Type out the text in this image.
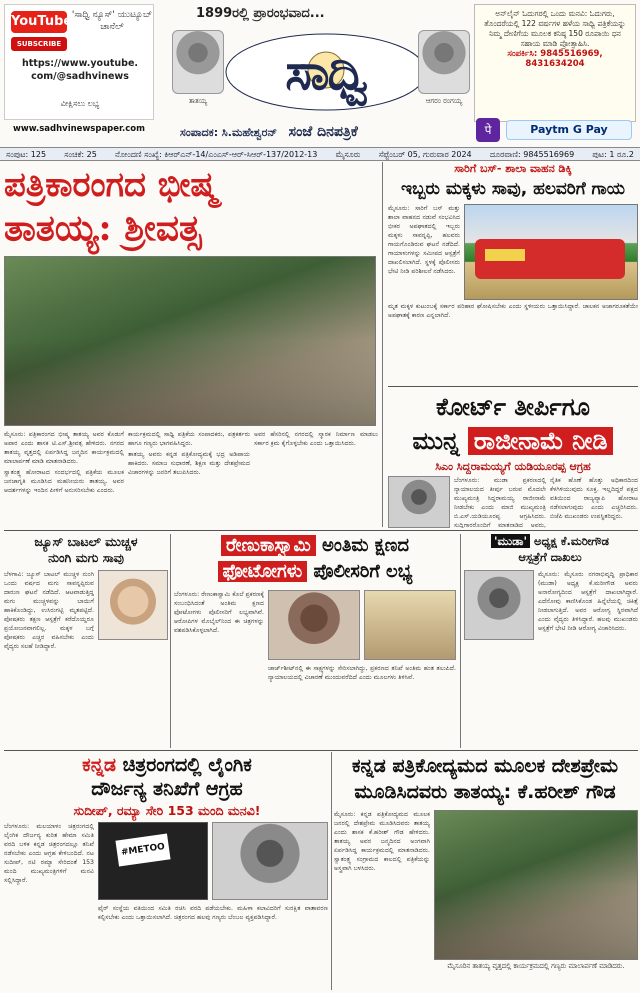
YouTube 'ಸಾಧ್ವಿ ನ್ಯೂಸ್' ಯುಟ್ಯೂಬ್ ಚಾನೆಲ್
SUBSCRIBE
https://www.youtube.
com/@sadhvinews
ವೀಕ್ಷಿಸಲು ಲಭ್ಯ
www.sadhvinewspaper.com
1899ರಲ್ಲಿ ಪ್ರಾರಂಭವಾದ...
ತಾತಯ್ಯ	ಸಾಧ್ವಿ	ಆಗರಂ ರಂಗಯ್ಯ
ಸಂಪಾದಕ: ಸಿ.ಮಹೇಶ್ವರನ್ ಸಂಜೆ ದಿನಪತ್ರಿಕೆ
ಅನ್‌ಲೈನ್ ಓದುಗರಲ್ಲಿ ಒಂದು ಮನವಿ: ಓದುಗರು, ತೊಂದರೆಯಲ್ಲಿ 122 ವರ್ಷಗಳ ಹಳೆಯ ಸಾಧ್ವಿ ಪತ್ರಿಕೆಯನ್ನು ನಿಮ್ಮ ದೇಣಿಗೆಯ ಮೂಲಕ ಕನಿಷ್ಠ 150 ರೂಪಾಯಿ ಧನ ಸಹಾಯ ಮಾಡಿ ಪ್ರೋತ್ಸಾಹಿಸಿ.
ಸಂಪರ್ಕಿಸಿ: 9845516969, 8431634204
पे	Paytm G Pay
ಸಂಪುಟ: 125 ಸಂಚಿಕೆ: 25 ನೋಂದಣಿ ಸಂಖ್ಯೆ: ಕಿಆರ್‌ಎನ್-14/ಎಂಎಸ್-ಆರ್-ಸಿಆರ್-137/2012-13 ಮೈಸೂರು ಸೆಪ್ಟೆಂಬರ್ 05, ಗುರುವಾರ 2024 ದೂರವಾಣಿ: 9845516969 ಪುಟ: 1 ರೂ.2
ಪತ್ರಿಕಾರಂಗದ ಭೀಷ್ಮ
ತಾತಯ್ಯ: ಶ್ರೀವತ್ಸ

ಮೈಸೂರು: ಪತ್ರಿಕಾರಂಗದ ಭೀಷ್ಮ ತಾತಯ್ಯ ಅವರ ಕೊಡುಗೆ ಅಪಾರ ಎಂದು ಶಾಸಕ ಟಿ.ಎಸ್.ಶ್ರೀವತ್ಸ ಹೇಳಿದರು. ನಗರದ ತಾತಯ್ಯ ವೃತ್ತದಲ್ಲಿ ಏರ್ಪಡಿಸಿದ್ದ ಜನ್ಮದಿನ ಕಾರ್ಯಕ್ರಮದಲ್ಲಿ ಮಾಲಾರ್ಪಣೆ ಮಾಡಿ ಮಾತನಾಡಿದರು.

ಸ್ವಾತಂತ್ರ್ಯ ಹೋರಾಟದ ಸಂದರ್ಭದಲ್ಲಿ ಪತ್ರಿಕೆಯ ಮೂಲಕ ಜನಜಾಗೃತಿ ಮೂಡಿಸಿದ ಮಹನೀಯರು ತಾತಯ್ಯ. ಅವರ ಆದರ್ಶಗಳನ್ನು ಇಂದಿನ ಪೀಳಿಗೆ ಅನುಸರಿಸಬೇಕು ಎಂದರು.

ಕಾರ್ಯಕ್ರಮದಲ್ಲಿ ಸಾಧ್ವಿ ಪತ್ರಿಕೆಯ ಸಂಪಾದಕರು, ಪತ್ರಕರ್ತರು ಹಾಗೂ ಗಣ್ಯರು ಭಾಗವಹಿಸಿದ್ದರು.

ತಾತಯ್ಯ ಅವರು ಕನ್ನಡ ಪತ್ರಿಕೋದ್ಯಮಕ್ಕೆ ಭದ್ರ ಅಡಿಪಾಯ ಹಾಕಿದರು. ಸಮಾಜ ಸುಧಾರಣೆ, ಶಿಕ್ಷಣ ಮತ್ತು ದೇಶಪ್ರೇಮದ ವಿಚಾರಗಳನ್ನು ಜನರಿಗೆ ತಲುಪಿಸಿದರು.

ಅವರ ಹೆಸರಿನಲ್ಲಿ ನಗರದಲ್ಲಿ ಸ್ಮಾರಕ ನಿರ್ಮಾಣ ಮಾಡಲು ಸರ್ಕಾರ ಕ್ರಮ ಕೈಗೊಳ್ಳಬೇಕು ಎಂದು ಒತ್ತಾಯಿಸಿದರು.

ಸಾರಿಗೆ ಬಸ್- ಶಾಲಾ ವಾಹನ ಡಿಕ್ಕಿ
ಇಬ್ಬರು ಮಕ್ಕಳು ಸಾವು, ಹಲವರಿಗೆ ಗಾಯ
ಮೈಸೂರು: ಸಾರಿಗೆ ಬಸ್ ಮತ್ತು ಶಾಲಾ ವಾಹನದ ನಡುವೆ ಸಂಭವಿಸಿದ ಭೀಕರ ಅಪಘಾತದಲ್ಲಿ ಇಬ್ಬರು ಮಕ್ಕಳು ಸಾವನ್ನಪ್ಪಿ, ಹಲವರು ಗಾಯಗೊಂಡಿರುವ ಘಟನೆ ನಡೆದಿದೆ. ಗಾಯಾಳುಗಳನ್ನು ಸಮೀಪದ ಆಸ್ಪತ್ರೆಗೆ ದಾಖಲಿಸಲಾಗಿದೆ. ಸ್ಥಳಕ್ಕೆ ಪೊಲೀಸರು ಭೇಟಿ ನೀಡಿ ಪರಿಶೀಲನೆ ನಡೆಸಿದರು.
ಮೃತ ಮಕ್ಕಳ ಕುಟುಂಬಕ್ಕೆ ಸರ್ಕಾರ ಪರಿಹಾರ ಘೋಷಿಸಬೇಕು ಎಂದು ಸ್ಥಳೀಯರು ಒತ್ತಾಯಿಸಿದ್ದಾರೆ. ಚಾಲಕನ ಅಜಾಗರೂಕತೆಯೇ ಅಪಘಾತಕ್ಕೆ ಕಾರಣ ಎನ್ನಲಾಗಿದೆ.
ಕೋರ್ಟ್ ತೀರ್ಪಿಗೂ
ಮುನ್ನ ರಾಜೀನಾಮೆ ನೀಡಿ
ಸಿಎಂ ಸಿದ್ದರಾಮಯ್ಯಗೆ ಯಡಿಯೂರಪ್ಪ ಆಗ್ರಹ
ಬೆಂಗಳೂರು: ಮುಡಾ ಪ್ರಕರಣದಲ್ಲಿ ನ್ಯಾಯಾಲಯದ ತೀರ್ಪು ಬರುವ ಮೊದಲೇ ಮುಖ್ಯಮಂತ್ರಿ ಸಿದ್ದರಾಮಯ್ಯ ರಾಜೀನಾಮೆ ನೀಡಬೇಕು ಎಂದು ಮಾಜಿ ಮುಖ್ಯಮಂತ್ರಿ ಬಿ.ಎಸ್.ಯಡಿಯೂರಪ್ಪ ಆಗ್ರಹಿಸಿದರು. ಸುದ್ದಿಗಾರರೊಂದಿಗೆ ಮಾತನಾಡಿದ ಅವರು,
ನೈತಿಕ ಹೊಣೆ ಹೊತ್ತು ಅಧಿಕಾರದಿಂದ ಕೆಳಗಿಳಿಯುವುದು ಸೂಕ್ತ. ಇಲ್ಲದಿದ್ದರೆ ಪಕ್ಷದ ವತಿಯಿಂದ ರಾಜ್ಯವ್ಯಾಪಿ ಹೋರಾಟ ನಡೆಸಲಾಗುವುದು ಎಂದು ಎಚ್ಚರಿಸಿದರು. ಬಿಜೆಪಿ ಮುಖಂಡರು ಉಪಸ್ಥಿತರಿದ್ದರು.
ಜ್ಯೂಸ್ ಬಾಟಲ್ ಮುಚ್ಚಳ
ನುಂಗಿ ಮಗು ಸಾವು
ಬೆಳಗಾವಿ: ಜ್ಯೂಸ್ ಬಾಟಲ್ ಮುಚ್ಚಳ ನುಂಗಿ ಒಂದು ವರ್ಷದ ಮಗು ಸಾವನ್ನಪ್ಪಿರುವ ದಾರುಣ ಘಟನೆ ನಡೆದಿದೆ. ಆಟವಾಡುತ್ತಿದ್ದ ಮಗು ಮುಚ್ಚಳವನ್ನು ಬಾಯಿಗೆ ಹಾಕಿಕೊಂಡಿದ್ದು, ಉಸಿರುಗಟ್ಟಿ ಮೃತಪಟ್ಟಿದೆ. ಪೋಷಕರು ತಕ್ಷಣ ಆಸ್ಪತ್ರೆಗೆ ಕರೆದೊಯ್ದರೂ ಪ್ರಯೋಜನವಾಗಲಿಲ್ಲ. ಮಕ್ಕಳ ಬಗ್ಗೆ ಪೋಷಕರು ಎಚ್ಚರ ವಹಿಸಬೇಕು ಎಂದು ವೈದ್ಯರು ಸಲಹೆ ನೀಡಿದ್ದಾರೆ.
ರೇಣುಕಾಸ್ವಾಮಿ ಅಂತಿಮ ಕ್ಷಣದ
ಫೋಟೋಗಳು ಪೊಲೀಸರಿಗೆ ಲಭ್ಯ
ಬೆಂಗಳೂರು: ರೇಣುಕಾಸ್ವಾಮಿ ಕೊಲೆ ಪ್ರಕರಣಕ್ಕೆ ಸಂಬಂಧಿಸಿದಂತೆ ಅಂತಿಮ ಕ್ಷಣದ ಫೋಟೋಗಳು ಪೊಲೀಸರಿಗೆ ಲಭ್ಯವಾಗಿವೆ. ಆರೋಪಿಗಳ ಮೊಬೈಲ್‌ನಿಂದ ಈ ಚಿತ್ರಗಳನ್ನು ವಶಪಡಿಸಿಕೊಳ್ಳಲಾಗಿದೆ.
ಚಾರ್ಜ್‌ಶೀಟ್‌ನಲ್ಲಿ ಈ ಸಾಕ್ಷ್ಯಗಳನ್ನು ಸೇರಿಸಲಾಗಿದ್ದು, ಪ್ರಕರಣದ ತನಿಖೆ ಅಂತಿಮ ಹಂತ ತಲುಪಿದೆ. ನ್ಯಾಯಾಲಯದಲ್ಲಿ ವಿಚಾರಣೆ ಮುಂದುವರೆದಿದೆ ಎಂದು ಮೂಲಗಳು ತಿಳಿಸಿವೆ.
'ಮುಡಾ' ಅಧ್ಯಕ್ಷ ಕೆ.ಮರೀಗೌಡ
ಆಸ್ಪತ್ರೆಗೆ ದಾಖಲು
ಮೈಸೂರು: ಮೈಸೂರು ನಗರಾಭಿವೃದ್ಧಿ ಪ್ರಾಧಿಕಾರ (ಮುಡಾ) ಅಧ್ಯಕ್ಷ ಕೆ.ಮರೀಗೌಡ ಅವರು ಅನಾರೋಗ್ಯದಿಂದ ಆಸ್ಪತ್ರೆಗೆ ದಾಖಲಾಗಿದ್ದಾರೆ. ಎದೆನೋವು ಕಾಣಿಸಿಕೊಂಡ ಹಿನ್ನೆಲೆಯಲ್ಲಿ ಚಿಕಿತ್ಸೆ ನೀಡಲಾಗುತ್ತಿದೆ. ಅವರ ಆರೋಗ್ಯ ಸ್ಥಿರವಾಗಿದೆ ಎಂದು ವೈದ್ಯರು ತಿಳಿಸಿದ್ದಾರೆ. ಹಲವು ಮುಖಂಡರು ಆಸ್ಪತ್ರೆಗೆ ಭೇಟಿ ನೀಡಿ ಆರೋಗ್ಯ ವಿಚಾರಿಸಿದರು.
ಕನ್ನಡ ಚಿತ್ರರಂಗದಲ್ಲಿ ಲೈಂಗಿಕ
ದೌರ್ಜನ್ಯ ತನಿಖೆಗೆ ಆಗ್ರಹ
ಸುದೀಪ್, ರಮ್ಯಾ ಸೇರಿ 153 ಮಂದಿ ಮನವಿ!
ಬೆಂಗಳೂರು: ಮಲಯಾಳಂ ಚಿತ್ರರಂಗದಲ್ಲಿ ಲೈಂಗಿಕ ದೌರ್ಜನ್ಯ ಕುರಿತ ಹೇಮಾ ಸಮಿತಿ ವರದಿ ಬಳಿಕ ಕನ್ನಡ ಚಿತ್ರರಂಗದಲ್ಲೂ ತನಿಖೆ ನಡೆಸಬೇಕು ಎಂದು ಆಗ್ರಹ ಕೇಳಿಬಂದಿದೆ. ನಟ ಸುದೀಪ್, ನಟಿ ರಮ್ಯಾ ಸೇರಿದಂತೆ 153 ಮಂದಿ ಮುಖ್ಯಮಂತ್ರಿಗಳಿಗೆ ಮನವಿ ಸಲ್ಲಿಸಿದ್ದಾರೆ.
#METOO
ಫೈರ್ ಸಂಸ್ಥೆಯ ವತಿಯಿಂದ ಸಮಿತಿ ರಚಿಸಿ ವರದಿ ಪಡೆಯಬೇಕು. ಮಹಿಳಾ ಕಲಾವಿದರಿಗೆ ಸುರಕ್ಷಿತ ವಾತಾವರಣ ಕಲ್ಪಿಸಬೇಕು ಎಂದು ಒತ್ತಾಯಿಸಲಾಗಿದೆ. ಚಿತ್ರರಂಗದ ಹಲವು ಗಣ್ಯರು ಬೆಂಬಲ ವ್ಯಕ್ತಪಡಿಸಿದ್ದಾರೆ.
ಕನ್ನಡ ಪತ್ರಿಕೋದ್ಯಮದ ಮೂಲಕ ದೇಶಪ್ರೇಮ
ಮೂಡಿಸಿದವರು ತಾತಯ್ಯ: ಕೆ.ಹರೀಶ್ ಗೌಡ
ಮೈಸೂರು: ಕನ್ನಡ ಪತ್ರಿಕೋದ್ಯಮದ ಮೂಲಕ ಜನರಲ್ಲಿ ದೇಶಪ್ರೇಮ ಮೂಡಿಸಿದವರು ತಾತಯ್ಯ ಎಂದು ಶಾಸಕ ಕೆ.ಹರೀಶ್ ಗೌಡ ಹೇಳಿದರು. ತಾತಯ್ಯ ಅವರ ಜನ್ಮದಿನದ ಅಂಗವಾಗಿ ಏರ್ಪಡಿಸಿದ್ದ ಕಾರ್ಯಕ್ರಮದಲ್ಲಿ ಮಾತನಾಡಿದರು. ಸ್ವಾತಂತ್ರ್ಯ ಸಂಗ್ರಾಮದ ಕಾಲದಲ್ಲಿ ಪತ್ರಿಕೆಯನ್ನು ಅಸ್ತ್ರವಾಗಿ ಬಳಸಿದರು.
ಮೈಸೂರಿನ ತಾತಯ್ಯ ವೃತ್ತದಲ್ಲಿ ಕಾರ್ಯಕ್ರಮದಲ್ಲಿ ಗಣ್ಯರು ಮಾಲಾರ್ಪಣೆ ಮಾಡಿದರು.
